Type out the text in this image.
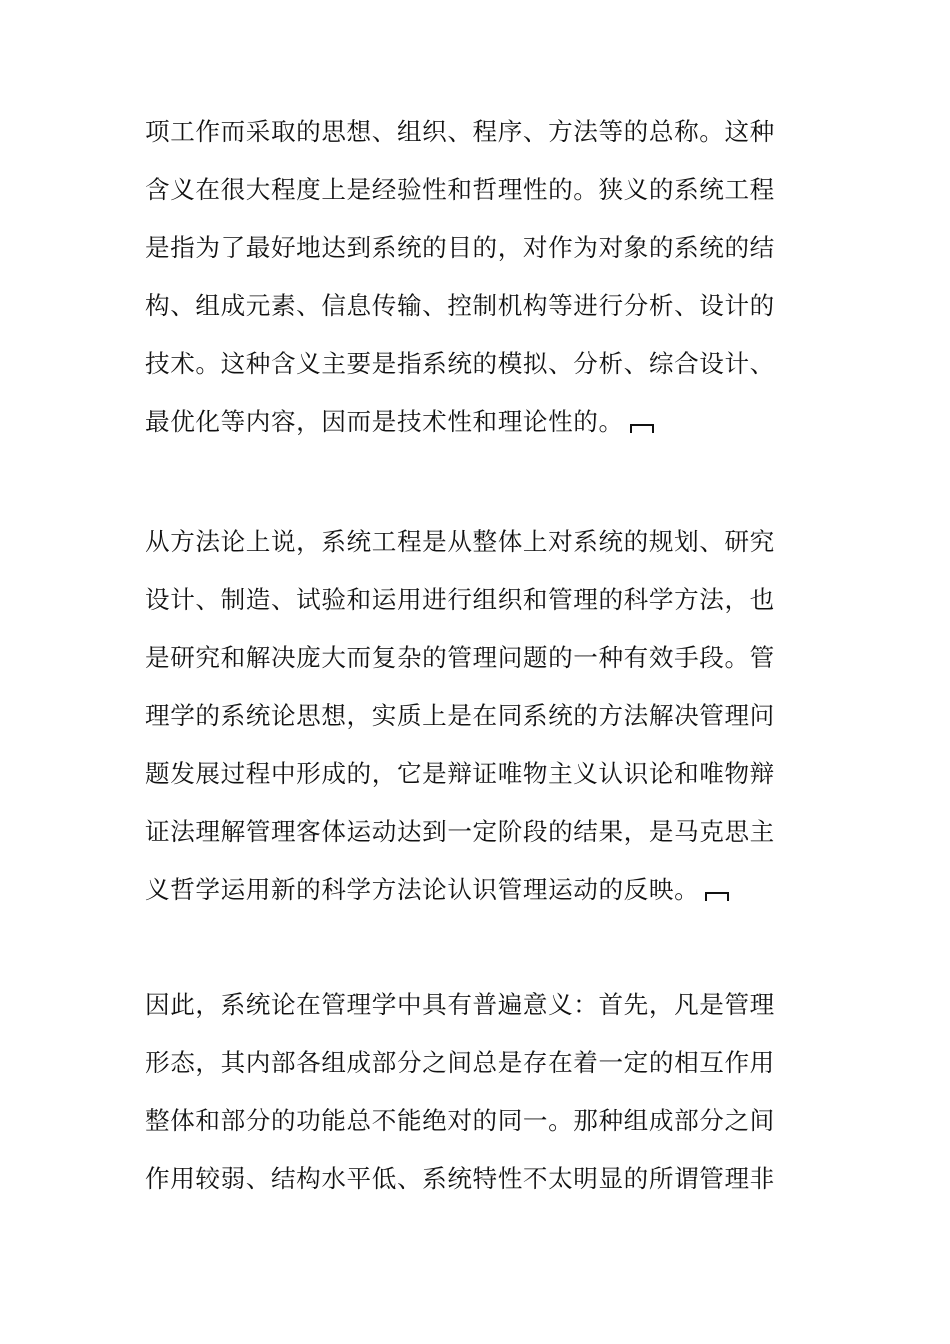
项工作而采取的思想、组织、程序、方法等的总称。这种
含义在很大程度上是经验性和哲理性的。狭义的系统工程
是指为了最好地达到系统的目的，对作为对象的系统的结
构、组成元素、信息传输、控制机构等进行分析、设计的
技术。这种含义主要是指系统的模拟、分析、综合设计、
最优化等内容，因而是技术性和理论性的。
从方法论上说，系统工程是从整体上对系统的规划、研究
设计、制造、试验和运用进行组织和管理的科学方法，也
是研究和解决庞大而复杂的管理问题的一种有效手段。管
理学的系统论思想，实质上是在同系统的方法解决管理问
题发展过程中形成的，它是辩证唯物主义认识论和唯物辩
证法理解管理客体运动达到一定阶段的结果，是马克思主
义哲学运用新的科学方法论认识管理运动的反映。
因此，系统论在管理学中具有普遍意义：首先，凡是管理
形态，其内部各组成部分之间总是存在着一定的相互作用
整体和部分的功能总不能绝对的同一。那种组成部分之间
作用较弱、结构水平低、系统特性不太明显的所谓管理非
